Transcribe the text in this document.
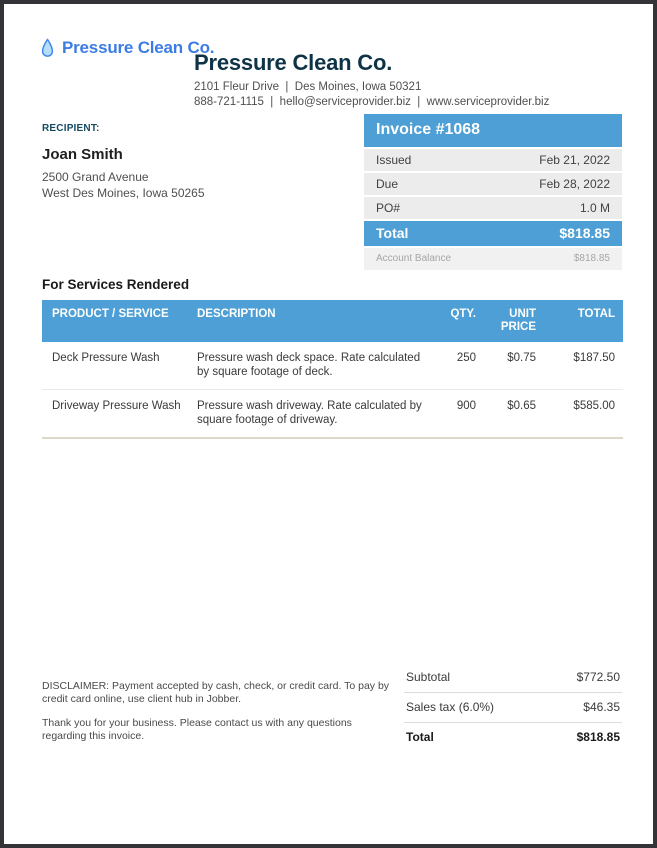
Pressure Clean Co.
Pressure Clean Co.
2101 Fleur Drive  |  Des Moines, Iowa 50321
888-721-1115  |  hello@serviceprovider.biz  |  www.serviceprovider.biz
RECIPIENT:
Joan Smith
2500 Grand Avenue
West Des Moines, Iowa 50265
Invoice #1068
Issued	Feb 21, 2022
Due	Feb 28, 2022
PO#	1.0 M
Total	$818.85
Account Balance	$818.85
For Services Rendered
PRODUCT / SERVICE	DESCRIPTION	QTY.	UNIT PRICE	TOTAL
Deck Pressure Wash	Pressure wash deck space. Rate calculated by square footage of deck.	250	$0.75	$187.50
Driveway Pressure Wash	Pressure wash driveway. Rate calculated by square footage of driveway.	900	$0.65	$585.00

DISCLAIMER: Payment accepted by cash, check, or credit card. To pay by credit card online, use client hub in Jobber.

Thank you for your business. Please contact us with any questions regarding this invoice.

Subtotal	$772.50
Sales tax (6.0%)	$46.35
Total	$818.85
